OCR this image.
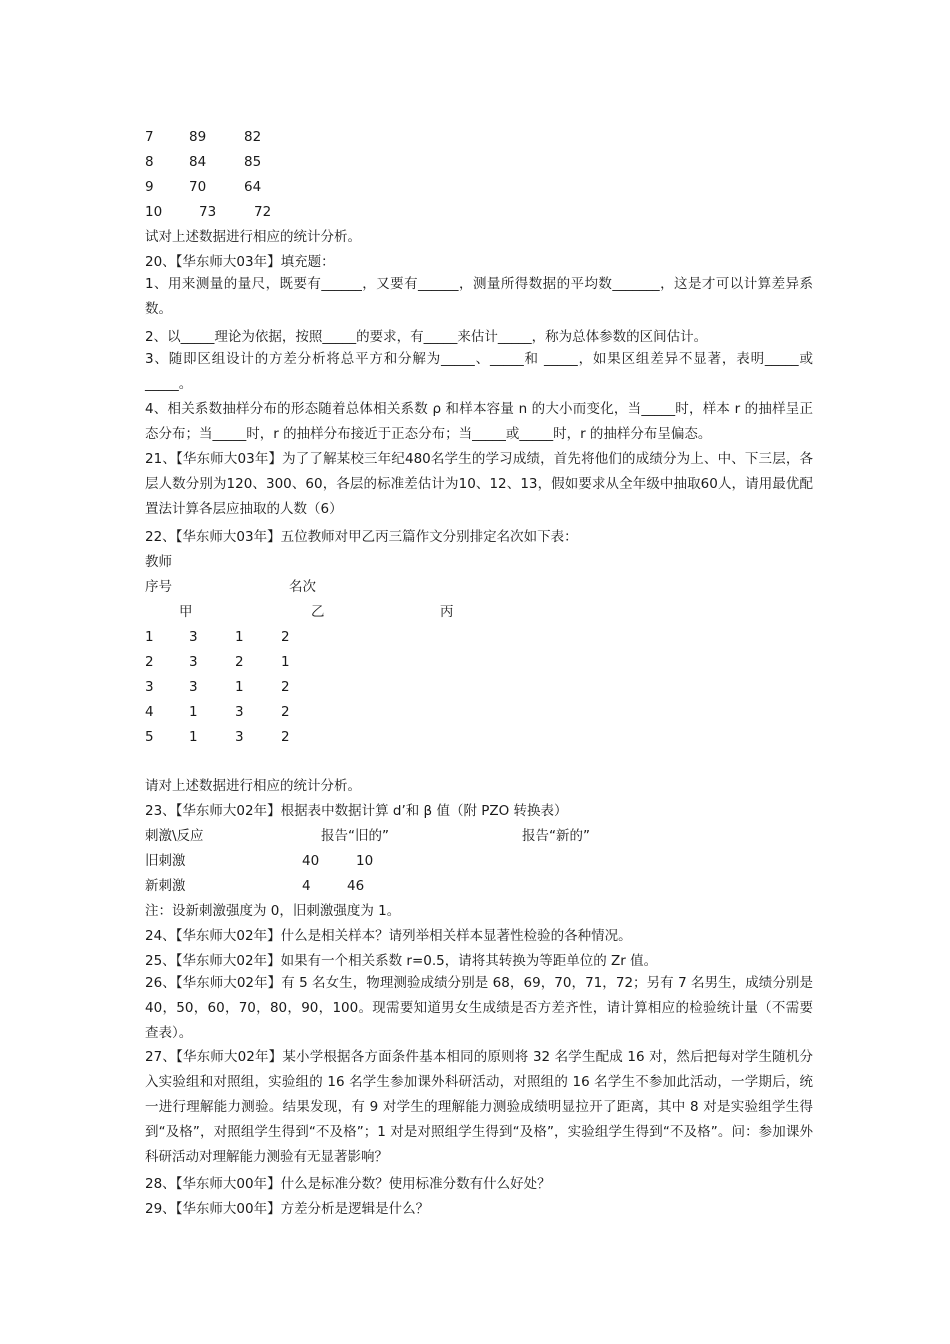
7	89	82
8	84	85
9	70	64
10	73	72
试对上述数据进行相应的统计分析。
20、【华东师大03年】填充题：
1、用来测量的量尺，既要有______，又要有______，测量所得数据的平均数_______，这是才可以计算差异系数。
2、以_____理论为依据，按照_____的要求，有_____来估计_____，称为总体参数的区间估计。
3、随即区组设计的方差分析将总平方和分解为_____、_____和 _____，如果区组差异不显著，表明_____或_____。
4、相关系数抽样分布的形态随着总体相关系数 ρ 和样本容量 n 的大小而变化，当_____时，样本 r 的抽样呈正态分布；当_____时，r 的抽样分布接近于正态分布；当_____或_____时，r 的抽样分布呈偏态。
21、【华东师大03年】为了了解某校三年纪480名学生的学习成绩，首先将他们的成绩分为上、中、下三层，各层人数分别为120、300、60，各层的标准差估计为10、12、13，假如要求从全年级中抽取60人，请用最优配置法计算各层应抽取的人数（6）
22、【华东师大03年】五位教师对甲乙丙三篇作文分别排定名次如下表：
教师
序号	名次
甲	乙	丙
1	3	1	2
2	3	2	1
3	3	1	2
4	1	3	2
5	1	3	2
请对上述数据进行相应的统计分析。
23、【华东师大02年】根据表中数据计算 d’和 β 值（附 PZO 转换表）
刺激\反应	报告“旧的”	报告“新的”
旧刺激	40	10
新刺激	4	46
注：设新刺激强度为 0，旧刺激强度为 1。
24、【华东师大02年】什么是相关样本？请列举相关样本显著性检验的各种情况。
25、【华东师大02年】如果有一个相关系数 r=0.5，请将其转换为等距单位的 Zr 值。
26、【华东师大02年】有 5 名女生，物理测验成绩分别是 68，69，70，71，72；另有 7 名男生，成绩分别是 40，50，60，70，80，90，100。现需要知道男女生成绩是否方差齐性，请计算相应的检验统计量（不需要查表）。
27、【华东师大02年】某小学根据各方面条件基本相同的原则将 32 名学生配成 16 对，然后把每对学生随机分入实验组和对照组，实验组的 16 名学生参加课外科研活动，对照组的 16 名学生不参加此活动，一学期后，统一进行理解能力测验。结果发现，有 9 对学生的理解能力测验成绩明显拉开了距离，其中 8 对是实验组学生得到“及格”，对照组学生得到“不及格”；1 对是对照组学生得到“及格”，实验组学生得到“不及格”。问：参加课外科研活动对理解能力测验有无显著影响？
28、【华东师大00年】什么是标准分数？使用标准分数有什么好处？
29、【华东师大00年】方差分析是逻辑是什么？
